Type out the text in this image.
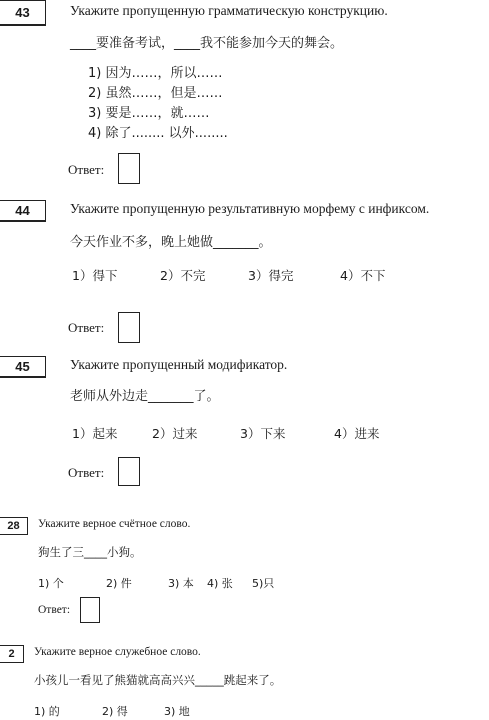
43	Укажите пропущенную грамматическую конструкцию.
____要准备考试，____我不能参加今天的舞会。
1) 因为……，所以……
2) 虽然……，但是……
3) 要是……，就……
4) 除了........ 以外........
Ответ:
44	Укажите пропущенную результативную морфему с инфиксом.
今天作业不多，晚上她做_______。
1）得下	2）不完	3）得完	4）不下
Ответ:
45	Укажите пропущенный модификатор.
老师从外边走_______了。
1）起来	2）过来	3）下来	4）进来
Ответ:
28	Укажите верное счётное слово.
狗生了三____小狗。
1) 个	2) 件	3) 本 4) 张 5)只
Ответ:
2	Укажите верное служебное слово.
小孩儿一看见了熊猫就高高兴兴_____跳起来了。
1) 的	2) 得	3) 地
